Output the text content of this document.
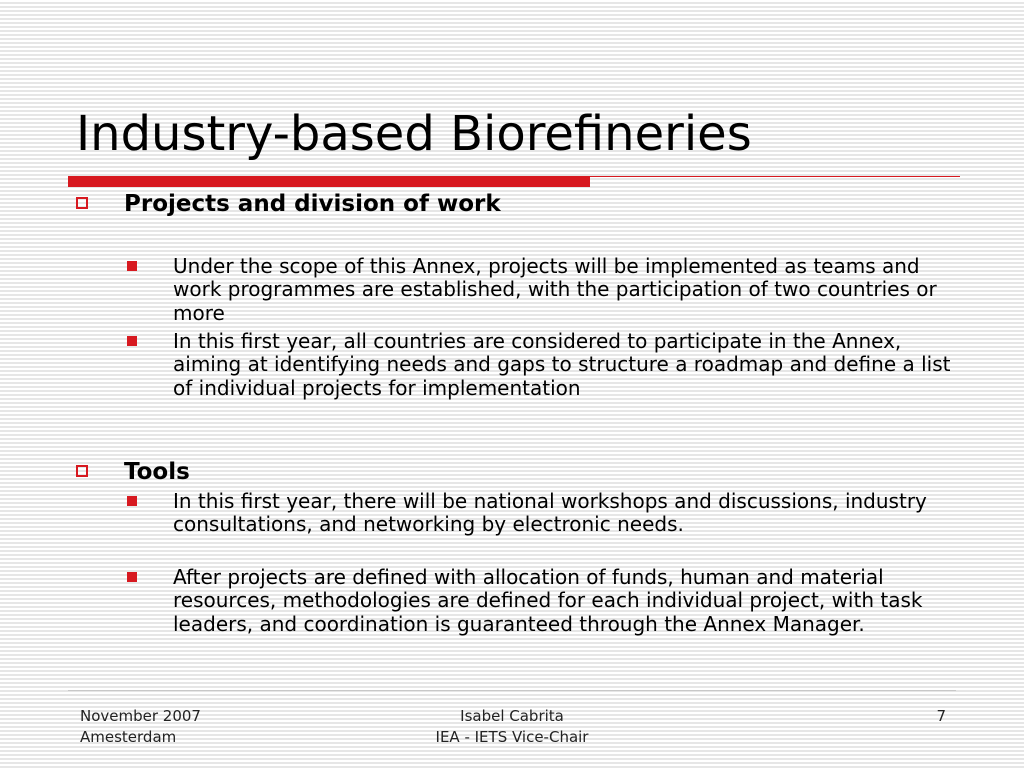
Industry-based Biorefineries
Projects and division of work
Under the scope of this Annex, projects will be implemented as teams and work programmes are established, with the participation of two countries or more
In this first year, all countries are considered to participate in the Annex, aiming at identifying needs and gaps to structure a roadmap and define a list of individual projects for implementation
Tools
In this first year, there will be national workshops and discussions, industry consultations, and networking by electronic needs.
After projects are defined with allocation of funds, human and material resources, methodologies are defined for each individual project, with task leaders, and coordination is guaranteed through the Annex Manager.
November 2007
Amesterdam
Isabel Cabrita
IEA - IETS Vice-Chair
7
